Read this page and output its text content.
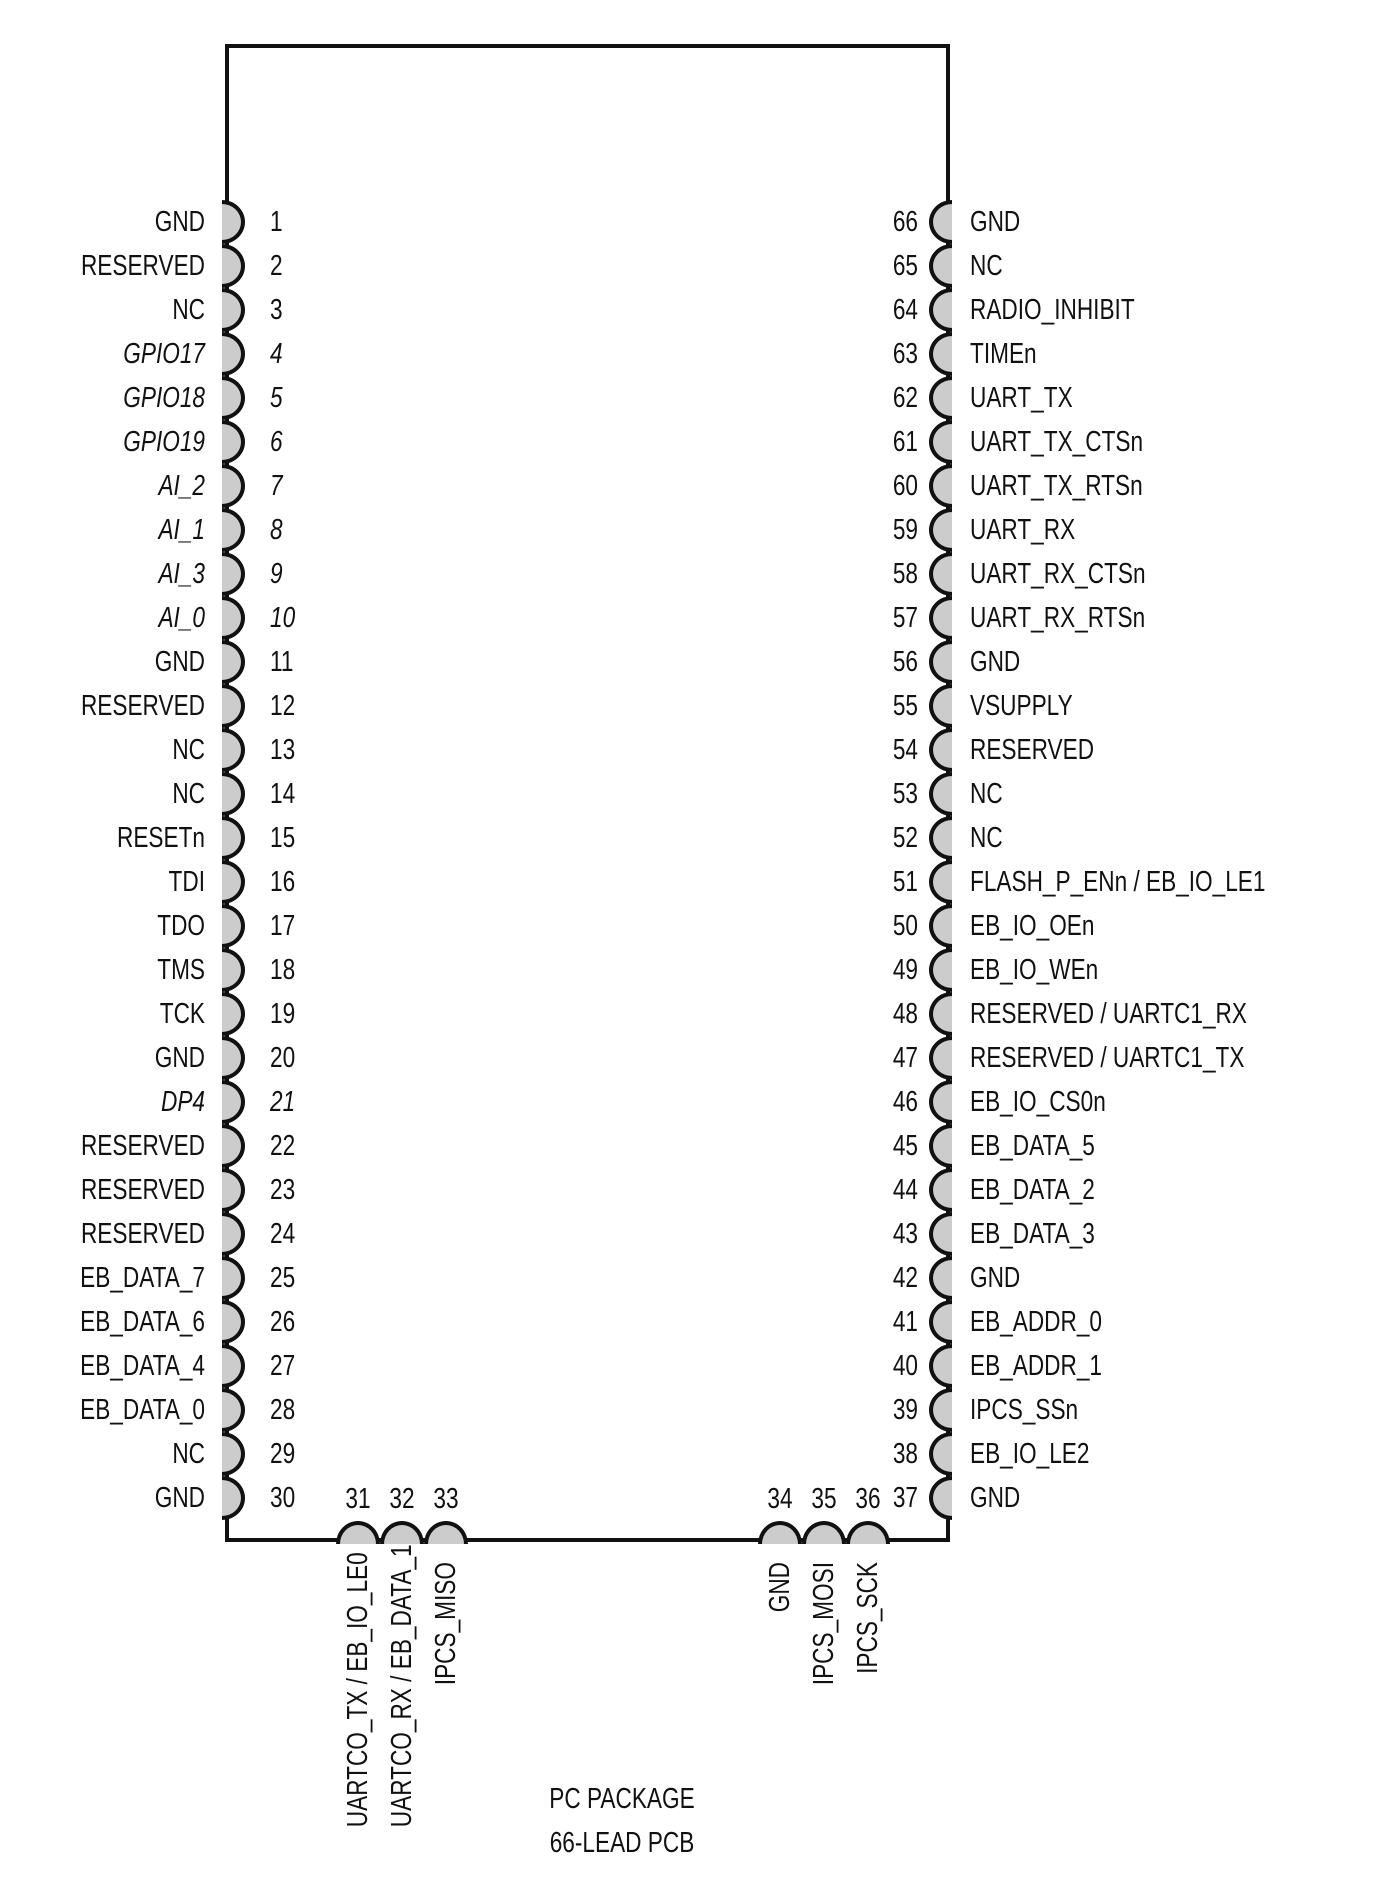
1
GND
2
RESERVED
3
NC
4
GPIO17
5
GPIO18
6
GPIO19
7
AI_2
8
AI_1
9
AI_3
10
AI_0
11
GND
12
RESERVED
13
NC
14
NC
15
RESETn
16
TDI
17
TDO
18
TMS
19
TCK
20
GND
21
DP4
22
RESERVED
23
RESERVED
24
RESERVED
25
EB_DATA_7
26
EB_DATA_6
27
EB_DATA_4
28
EB_DATA_0
29
NC
30
GND
66 GND
65 NC
64 RADIO_INHIBIT
63 TIMEn
62 UART_TX
61 UART_TX_CTSn
60 UART_TX_RTSn
59 UART_RX
58 UART_RX_CTSn
57 UART_RX_RTSn
56 GND
55 VSUPPLY
54 RESERVED
53 NC
52 NC
51 FLASH_P_ENn / EB_IO_LE1
50 EB_IO_OEn
49 EB_IO_WEn
48 RESERVED / UARTC1_RX
47 RESERVED / UARTC1_TX
46 EB_IO_CS0n
45 EB_DATA_5
44 EB_DATA_2
43 EB_DATA_3
42 GND
41 EB_ADDR_0
40 EB_ADDR_1
39 IPCS_SSn
38 EB_IO_LE2
37 GND
31
UARTCO_TX / EB_IO_LE0
32
UARTCO_RX / EB_DATA_1
33
IPCS_MISO
34
GND
35
IPCS_MOSI
36
IPCS_SCK
PC PACKAGE
66-LEAD PCB
